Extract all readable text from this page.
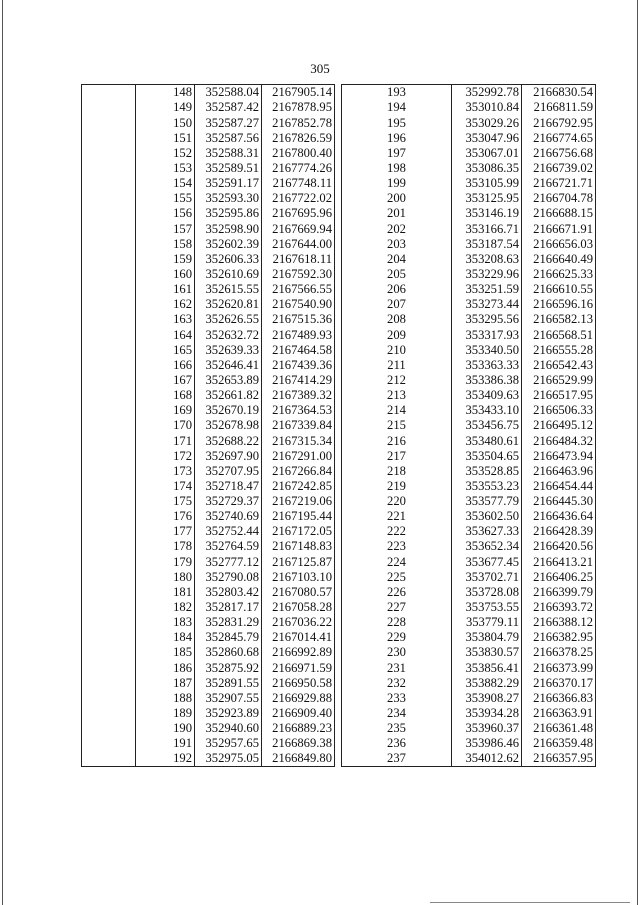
305
	148	352588.04	2167905.14
	149	352587.42	2167878.95
	150	352587.27	2167852.78
	151	352587.56	2167826.59
	152	352588.31	2167800.40
	153	352589.51	2167774.26
	154	352591.17	2167748.11
	155	352593.30	2167722.02
	156	352595.86	2167695.96
	157	352598.90	2167669.94
	158	352602.39	2167644.00
	159	352606.33	2167618.11
	160	352610.69	2167592.30
	161	352615.55	2167566.55
	162	352620.81	2167540.90
	163	352626.55	2167515.36
	164	352632.72	2167489.93
	165	352639.33	2167464.58
	166	352646.41	2167439.36
	167	352653.89	2167414.29
	168	352661.82	2167389.32
	169	352670.19	2167364.53
	170	352678.98	2167339.84
	171	352688.22	2167315.34
	172	352697.90	2167291.00
	173	352707.95	2167266.84
	174	352718.47	2167242.85
	175	352729.37	2167219.06
	176	352740.69	2167195.44
	177	352752.44	2167172.05
	178	352764.59	2167148.83
	179	352777.12	2167125.87
	180	352790.08	2167103.10
	181	352803.42	2167080.57
	182	352817.17	2167058.28
	183	352831.29	2167036.22
	184	352845.79	2167014.41
	185	352860.68	2166992.89
	186	352875.92	2166971.59
	187	352891.55	2166950.58
	188	352907.55	2166929.88
	189	352923.89	2166909.40
	190	352940.60	2166889.23
	191	352957.65	2166869.38
	192	352975.05	2166849.80
193	352992.78	2166830.54
194	353010.84	2166811.59
195	353029.26	2166792.95
196	353047.96	2166774.65
197	353067.01	2166756.68
198	353086.35	2166739.02
199	353105.99	2166721.71
200	353125.95	2166704.78
201	353146.19	2166688.15
202	353166.71	2166671.91
203	353187.54	2166656.03
204	353208.63	2166640.49
205	353229.96	2166625.33
206	353251.59	2166610.55
207	353273.44	2166596.16
208	353295.56	2166582.13
209	353317.93	2166568.51
210	353340.50	2166555.28
211	353363.33	2166542.43
212	353386.38	2166529.99
213	353409.63	2166517.95
214	353433.10	2166506.33
215	353456.75	2166495.12
216	353480.61	2166484.32
217	353504.65	2166473.94
218	353528.85	2166463.96
219	353553.23	2166454.44
220	353577.79	2166445.30
221	353602.50	2166436.64
222	353627.33	2166428.39
223	353652.34	2166420.56
224	353677.45	2166413.21
225	353702.71	2166406.25
226	353728.08	2166399.79
227	353753.55	2166393.72
228	353779.11	2166388.12
229	353804.79	2166382.95
230	353830.57	2166378.25
231	353856.41	2166373.99
232	353882.29	2166370.17
233	353908.27	2166366.83
234	353934.28	2166363.91
235	353960.37	2166361.48
236	353986.46	2166359.48
237	354012.62	2166357.95
